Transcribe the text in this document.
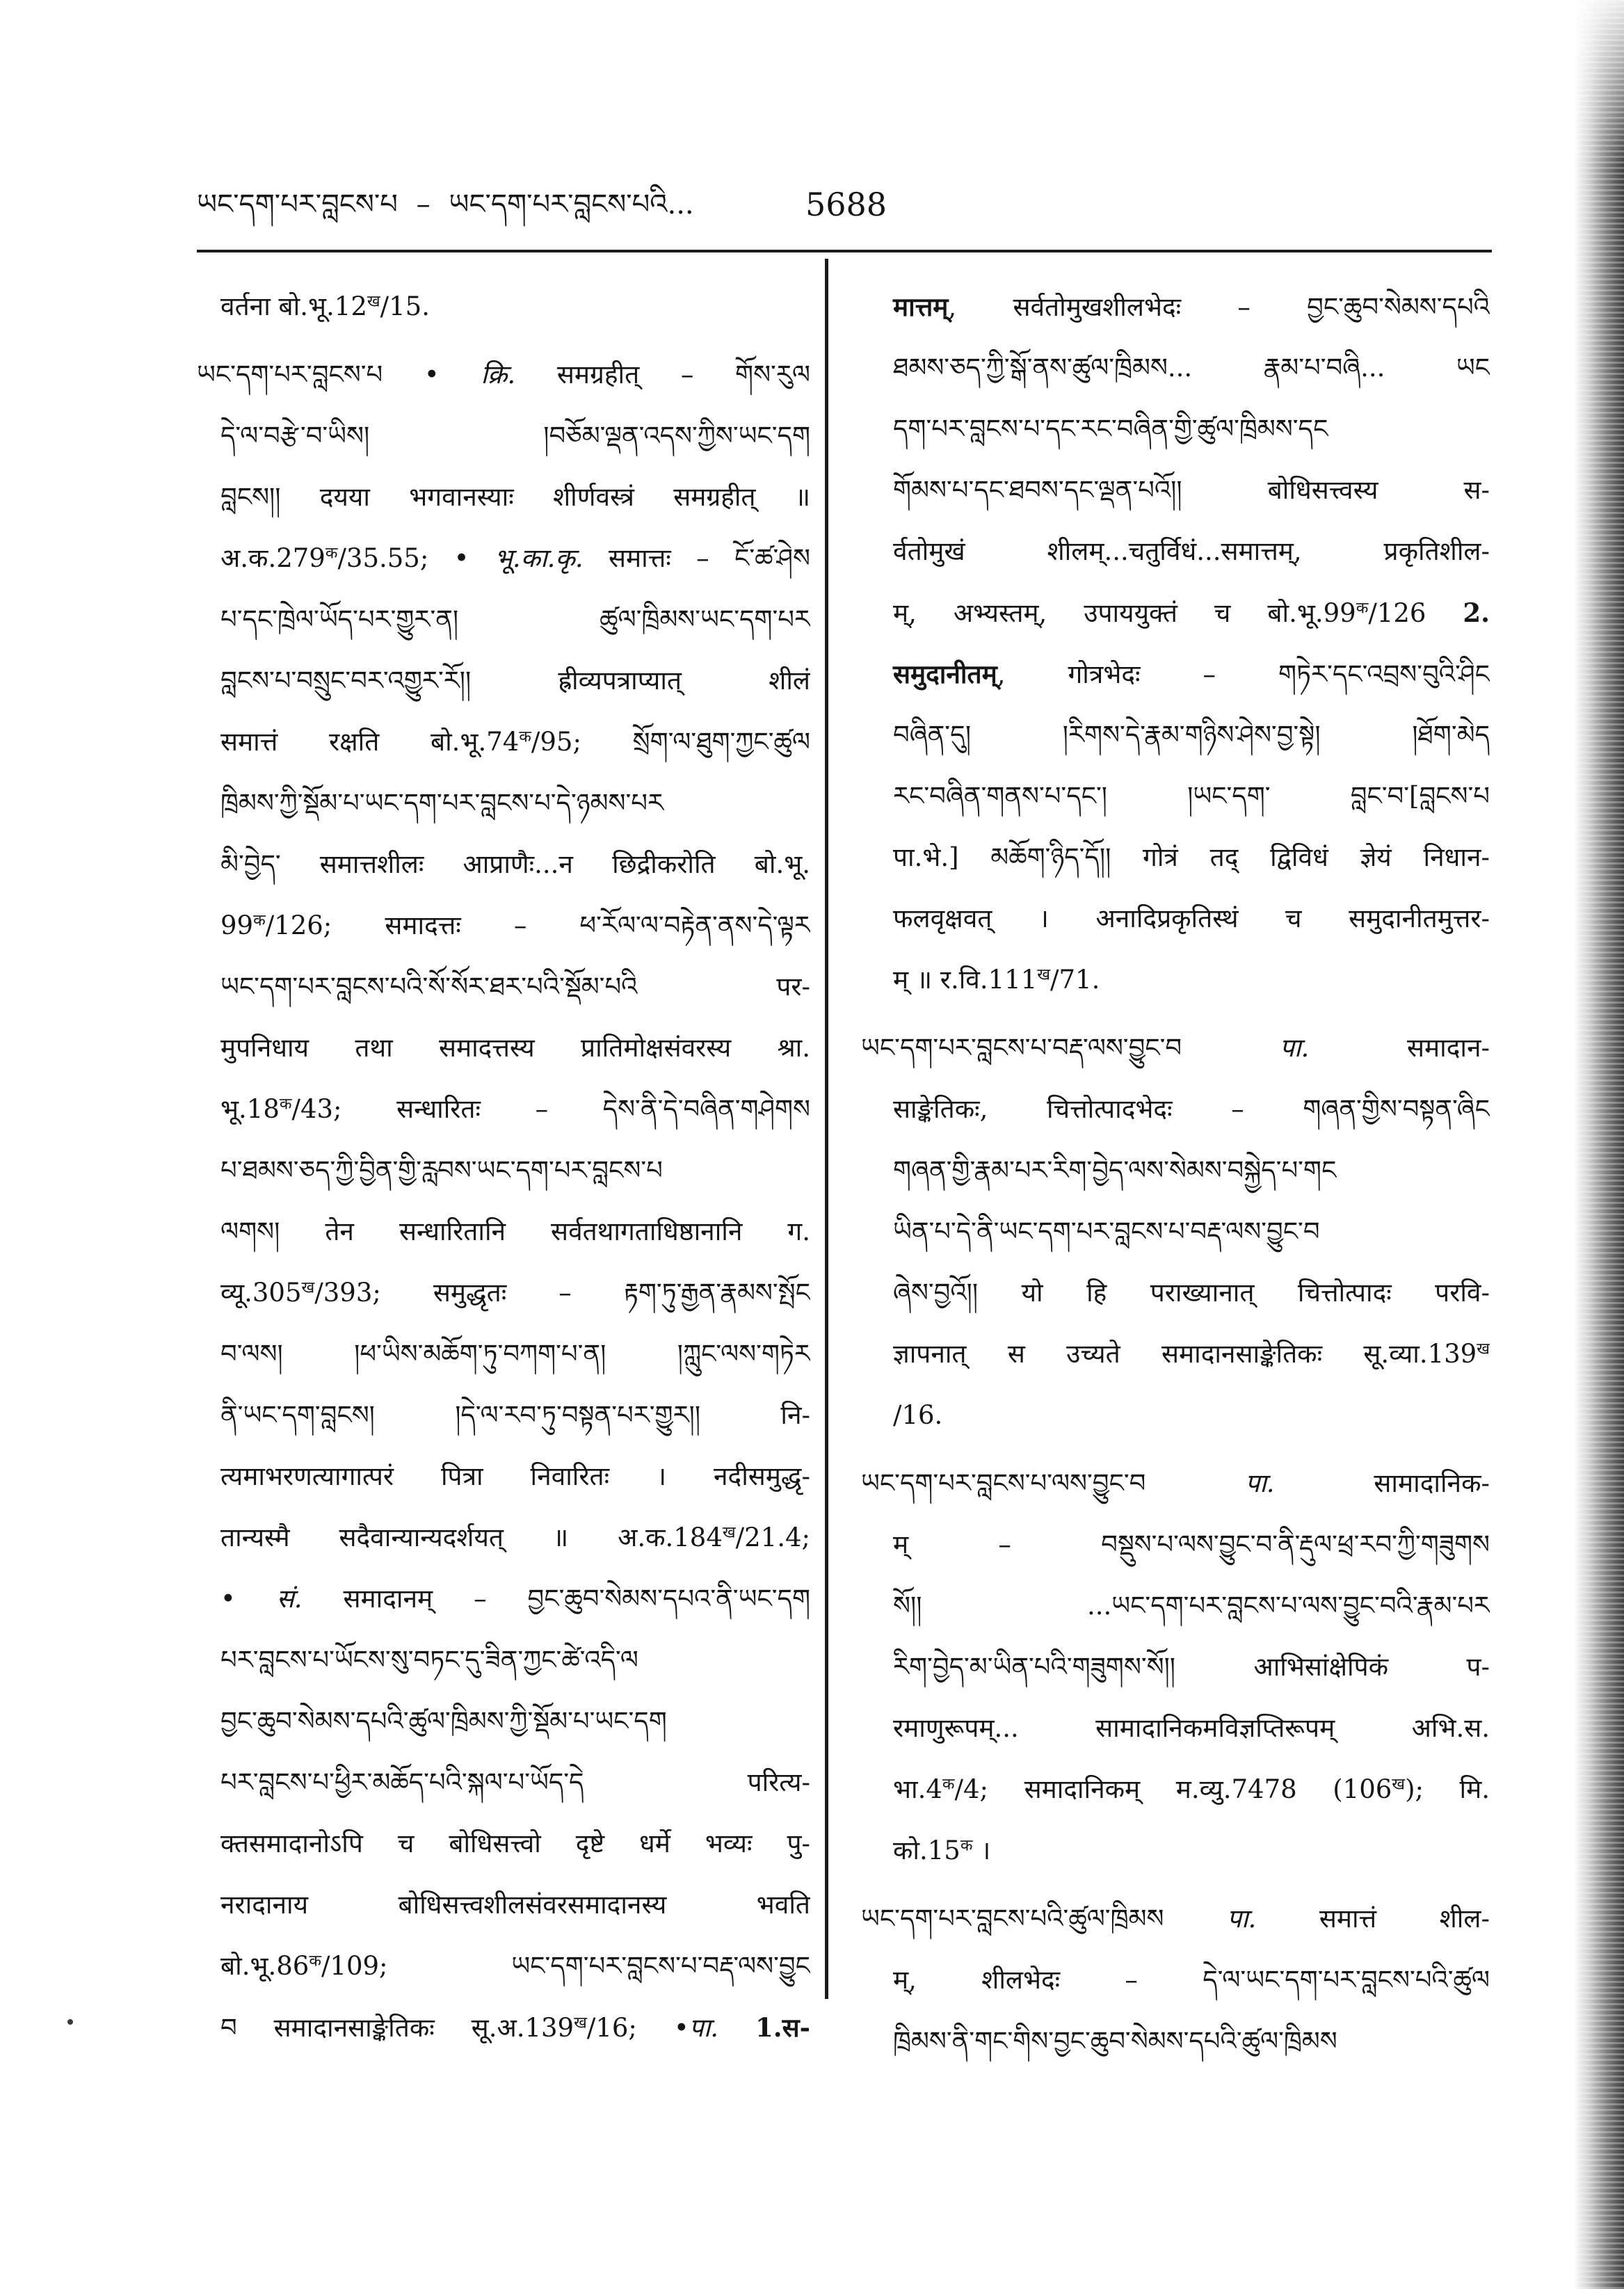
ཡང་དག་པར་བླངས་པ – ཡང་དག་པར་བླངས་པའི...	5688
वर्तना $बो.भू.12^ख/15$.
ཡང་དག་པར་བླངས་པ • क्रि. समग्रहीत् – གོས་རུལ
དེ་ལ་བརྩེ་བ་ཡིས། །བཅོམ་ལྡན་འདས་ཀྱིས་ཡང་དག
བླངས།། दयया भगवानस्याः शीर्णवस्त्रं समग्रहीत् ॥
$अ.क.279^क/35.55$; • भू.का.कृ. समात्तः – ངོ་ཚ་ཤེས
པ་དང་ཁྲེལ་ཡོད་པར་གྱུར་ན། ཚུལ་ཁྲིམས་ཡང་དག་པར
བླངས་པ་བསྲུང་བར་འགྱུར་རོ།། ह्रीव्यपत्राप्यात् शीलं
समात्तं रक्षति $बो.भू.74^क/95$; སྲོག་ལ་ཐུག་ཀྱང་ཚུལ
ཁྲིམས་ཀྱི་སྡོམ་པ་ཡང་དག་པར་བླངས་པ་དེ་ཉམས་པར
མི་བྱེད་ समात्तशीलः आप्राणैः...न छिद्रीकरोति बो.भू.
$99^क/126$; समादत्तः – ཕ་རོལ་ལ་བརྟེན་ནས་དེ་ལྟར
ཡང་དག་པར་བླངས་པའི་སོ་སོར་ཐར་པའི་སྡོམ་པའི पर-
मुपनिधाय तथा समादत्तस्य प्रातिमोक्षसंवरस्य श्रा.
$भू.18^क/43$; सन्धारितः – དེས་ནི་དེ་བཞིན་གཤེགས
པ་ཐམས་ཅད་ཀྱི་བྱིན་གྱི་རླབས་ཡང་དག་པར་བླངས་པ
ལགས། तेन सन्धारितानि सर्वतथागताधिष्ठानानि ग.
$व्यू.305^ख/393$; समुद्धृतः – རྟག་ཏུ་རྒྱན་རྣམས་སྤོང
བ་ལས། །ཕ་ཡིས་མཆོག་ཏུ་བཀག་པ་ན། །ཀླུང་ལས་གཏེར
ནི་ཡང་དག་བླངས། །དེ་ལ་རབ་ཏུ་བསྟན་པར་གྱུར།། नि-
त्यमाभरणत्यागात्परं पित्रा निवारितः । नदीसमुद्धृ-
तान्यस्मै सदैवान्यान्यदर्शयत् ॥ $अ.क.184^ख/21.4$;
• सं. समादानम् – བྱང་ཆུབ་སེམས་དཔའ་ནི་ཡང་དག
པར་བླངས་པ་ཡོངས་སུ་བཏང་དུ་ཟིན་ཀྱང་ཚེ་འདི་ལ
བྱང་ཆུབ་སེམས་དཔའི་ཚུལ་ཁྲིམས་ཀྱི་སྡོམ་པ་ཡང་དག
པར་བླངས་པ་ཕྱིར་མཆོད་པའི་སྐལ་པ་ཡོད་དེ परित्य-
क्तसमादानोऽपि च बोधिसत्त्वो दृष्टे धर्मे भव्यः पु-
नरादानाय बोधिसत्त्वशीलसंवरसमादानस्य भवति
$बो.भू.86^क/109$; ཡང་དག་པར་བླངས་པ་བརྡ་ལས་བྱུང
བ समादानसाङ्केतिकः $सू.अ.139^ख/16$; •पा. 1.स-
मात्तम्, सर्वतोमुखशीलभेदः – བྱང་ཆུབ་སེམས་དཔའི
ཐམས་ཅད་ཀྱི་སྒོ་ནས་ཚུལ་ཁྲིམས... རྣམ་པ་བཞི... ཡང
དག་པར་བླངས་པ་དང་རང་བཞིན་གྱི་ཚུལ་ཁྲིམས་དང
གོམས་པ་དང་ཐབས་དང་ལྡན་པའོ།། बोधिसत्त्वस्य स-
र्वतोमुखं शीलम्...चतुर्विधं...समात्तम्, प्रकृतिशील-
म्, अभ्यस्तम्, उपाययुक्तं च $बो.भू.99^क/126$ 2.
समुदानीतम्, गोत्रभेदः – གཏེར་དང་འབྲས་བུའི་ཤིང
བཞིན་དུ། །རིགས་དེ་རྣམ་གཉིས་ཤེས་བྱ་སྟེ། །ཐོག་མེད
རང་བཞིན་གནས་པ་དང་། །ཡང་དག་ བླང་བ་[བླངས་པ
पा.भे.] མཆོག་ཉིད་དོ།། गोत्रं तद् द्विविधं ज्ञेयं निधान-
फलवृक्षवत् । अनादिप्रकृतिस्थं च समुदानीतमुत्तर-
म् ॥ $र.वि.111^ख/71$.
ཡང་དག་པར་བླངས་པ་བརྡ་ལས་བྱུང་བ पा. समादान-
साङ्केतिकः, चित्तोत्पादभेदः – གཞན་གྱིས་བསྟན་ཞིང
གཞན་གྱི་རྣམ་པར་རིག་བྱེད་ལས་སེམས་བསྐྱེད་པ་གང
ཡིན་པ་དེ་ནི་ཡང་དག་པར་བླངས་པ་བརྡ་ལས་བྱུང་བ
ཞེས་བྱའོ།། यो हि पराख्यानात् चित्तोत्पादः परवि-
ज्ञापनात् स उच्यते समादानसाङ्केतिकः $सू.व्या.139^ख$
/16.
ཡང་དག་པར་བླངས་པ་ལས་བྱུང་བ पा. सामादानिक-
म् – བསྡུས་པ་ལས་བྱུང་བ་ནི་རྡུལ་ཕྲ་རབ་ཀྱི་གཟུགས
སོ།། ...ཡང་དག་པར་བླངས་པ་ལས་བྱུང་བའི་རྣམ་པར
རིག་བྱེད་མ་ཡིན་པའི་གཟུགས་སོ།། आभिसांक्षेपिकं प-
रमाणुरूपम्... सामादानिकमविज्ञप्तिरूपम् अभि.स.
$भा.4^क/4$; समादानिकम् म.व्यु.7478 $(106^ख)$; मि.
$को.15^क$ ।
ཡང་དག་པར་བླངས་པའི་ཚུལ་ཁྲིམས पा. समात्तं शील-
म्, शीलभेदः – དེ་ལ་ཡང་དག་པར་བླངས་པའི་ཚུལ
ཁྲིམས་ནི་གང་གིས་བྱང་ཆུབ་སེམས་དཔའི་ཚུལ་ཁྲིམས
